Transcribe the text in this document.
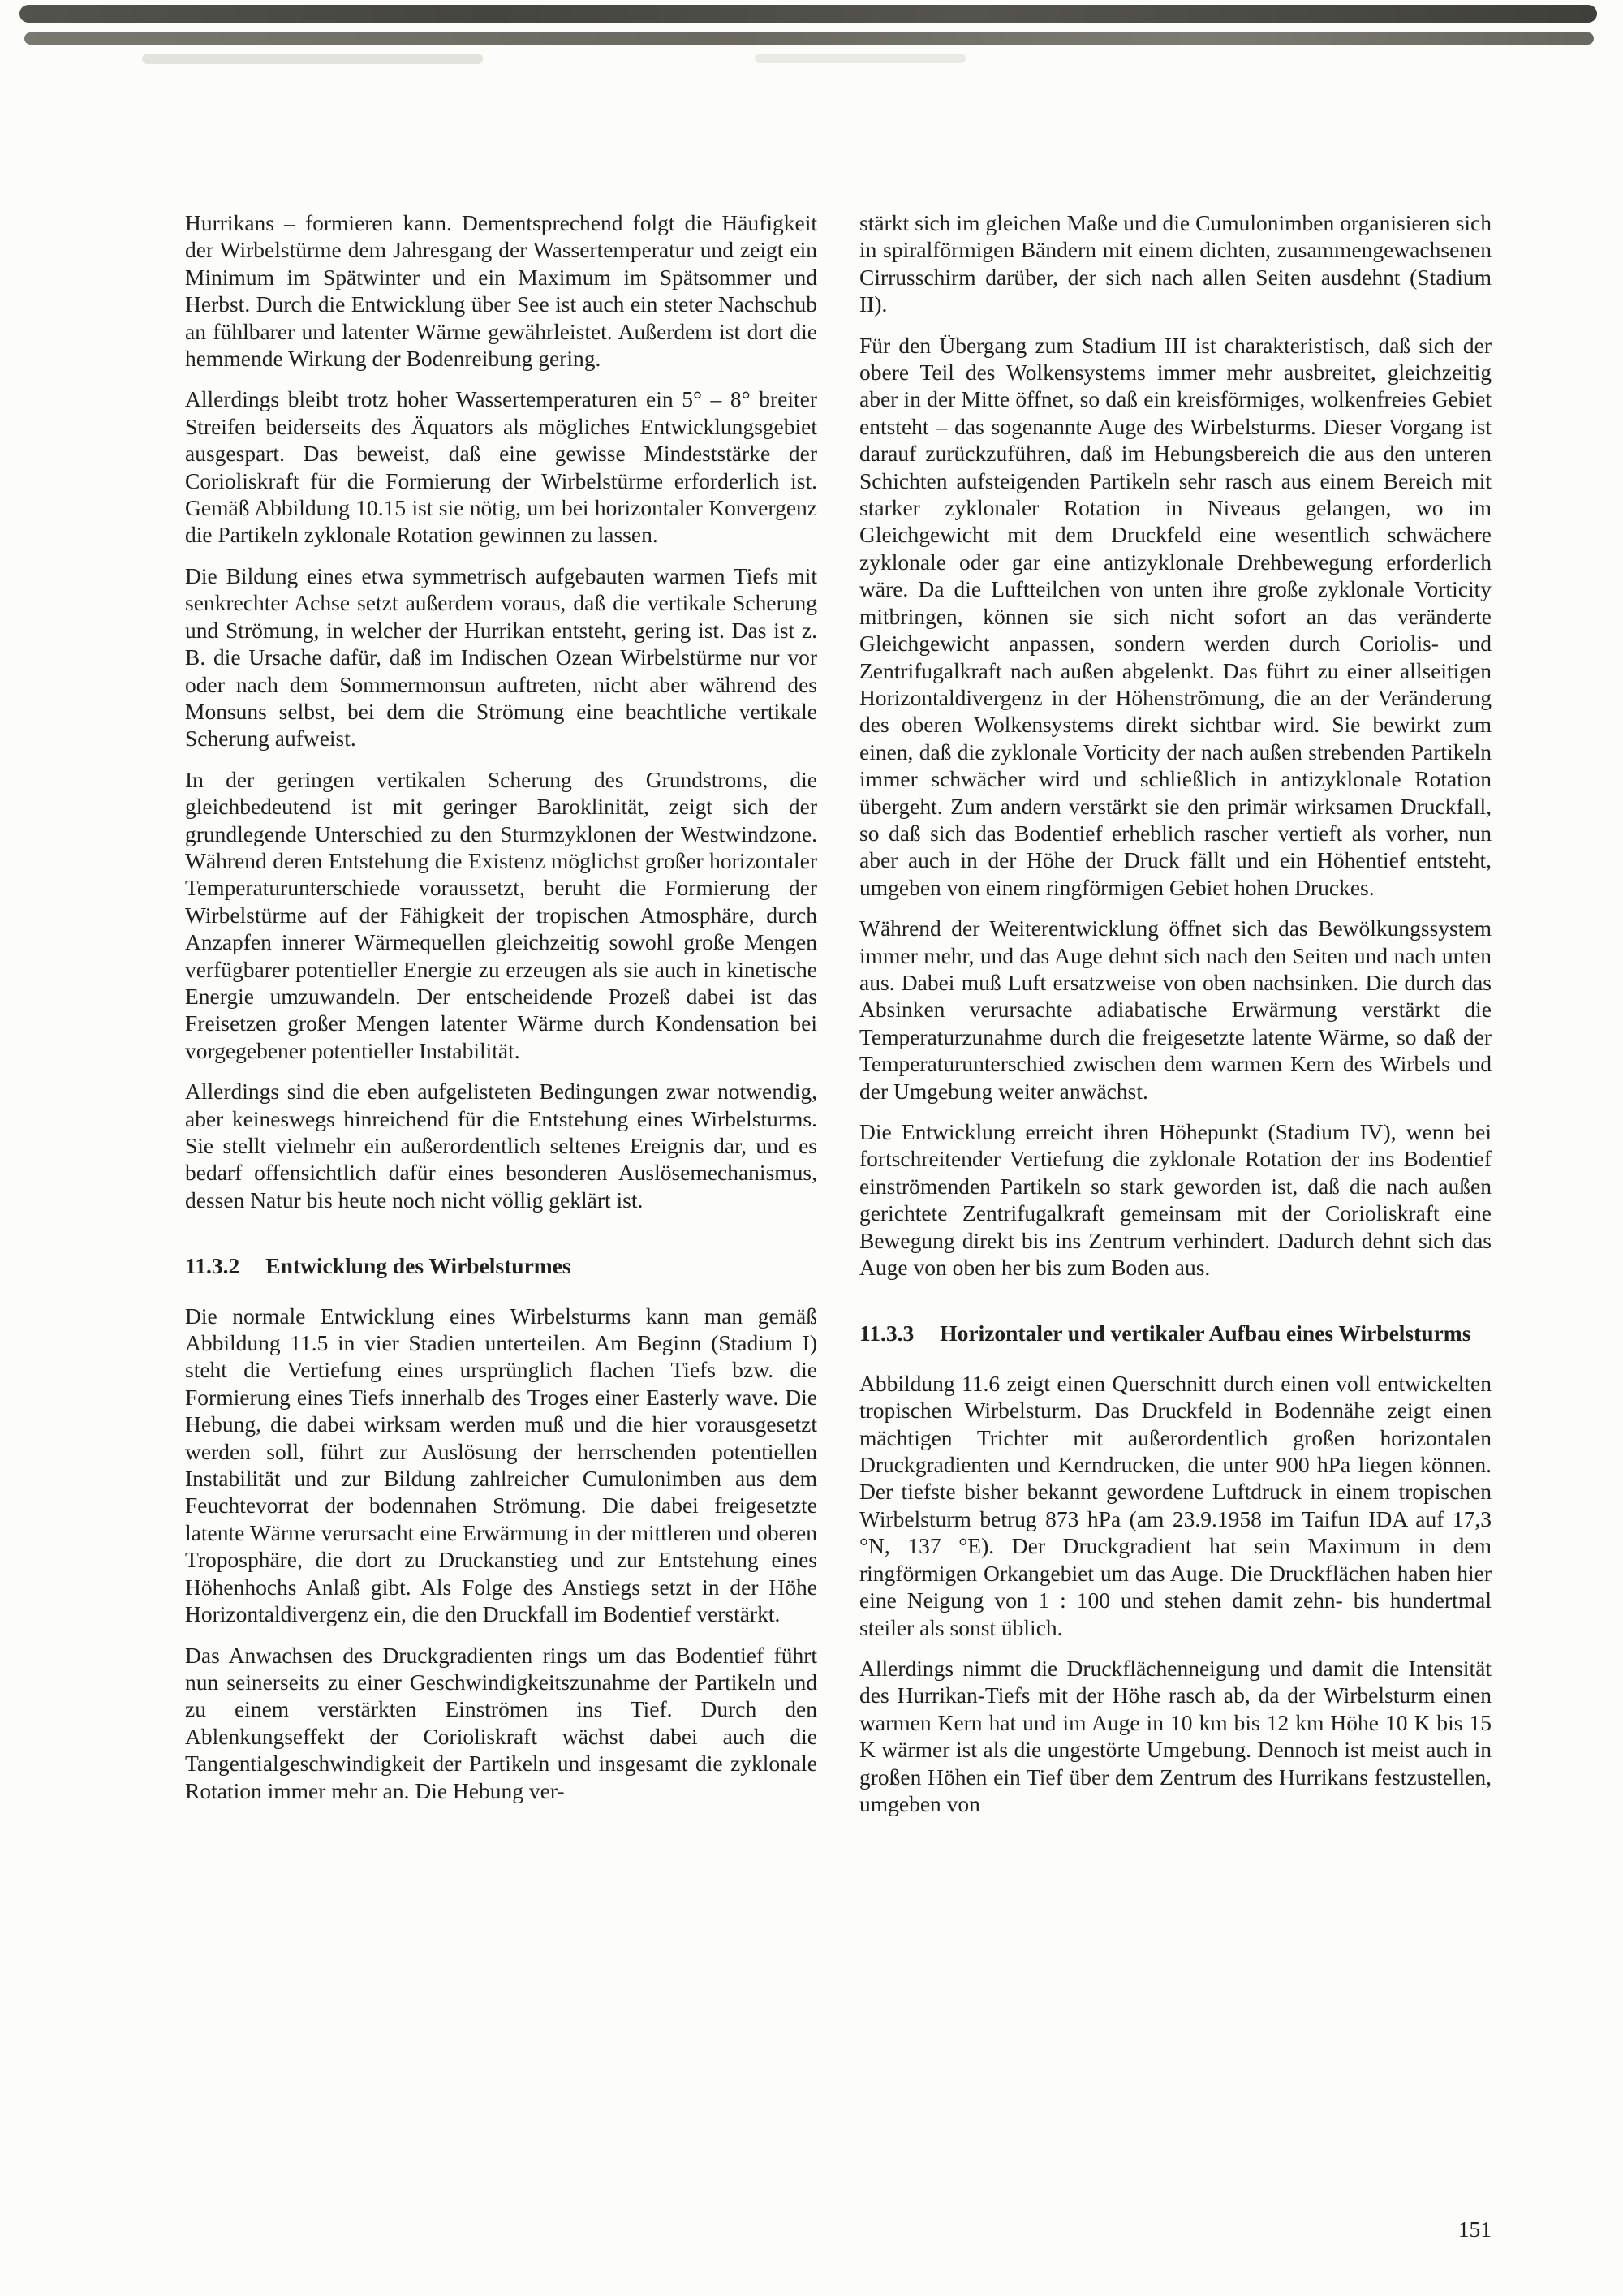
Hurrikans – formieren kann. Dementsprechend folgt die Häufigkeit der Wirbelstürme dem Jahresgang der Wassertemperatur und zeigt ein Minimum im Spätwinter und ein Maximum im Spätsommer und Herbst. Durch die Entwicklung über See ist auch ein steter Nachschub an fühlbarer und latenter Wärme gewährleistet. Außerdem ist dort die hemmende Wirkung der Bodenreibung gering.

Allerdings bleibt trotz hoher Wassertemperaturen ein 5° – 8° breiter Streifen beiderseits des Äquators als mögliches Entwicklungsgebiet ausgespart. Das beweist, daß eine gewisse Mindeststärke der Corioliskraft für die Formierung der Wirbelstürme erforderlich ist. Gemäß Abbildung 10.15 ist sie nötig, um bei horizontaler Konvergenz die Partikeln zyklonale Rotation gewinnen zu lassen.

Die Bildung eines etwa symmetrisch aufgebauten warmen Tiefs mit senkrechter Achse setzt außerdem voraus, daß die vertikale Scherung und Strömung, in welcher der Hurrikan entsteht, gering ist. Das ist z. B. die Ursache dafür, daß im Indischen Ozean Wirbelstürme nur vor oder nach dem Sommermonsun auftreten, nicht aber während des Monsuns selbst, bei dem die Strömung eine beachtliche vertikale Scherung aufweist.

In der geringen vertikalen Scherung des Grundstroms, die gleichbedeutend ist mit geringer Baroklinität, zeigt sich der grundlegende Unterschied zu den Sturmzyklonen der Westwindzone. Während deren Entstehung die Existenz möglichst großer horizontaler Temperaturunterschiede voraussetzt, beruht die Formierung der Wirbelstürme auf der Fähigkeit der tropischen Atmosphäre, durch Anzapfen innerer Wärmequellen gleichzeitig sowohl große Mengen verfügbarer potentieller Energie zu erzeugen als sie auch in kinetische Energie umzuwandeln. Der entscheidende Prozeß dabei ist das Freisetzen großer Mengen latenter Wärme durch Kondensation bei vorgegebener potentieller Instabilität.

Allerdings sind die eben aufgelisteten Bedingungen zwar notwendig, aber keineswegs hinreichend für die Entstehung eines Wirbelsturms. Sie stellt vielmehr ein außerordentlich seltenes Ereignis dar, und es bedarf offensichtlich dafür eines besonderen Auslösemechanismus, dessen Natur bis heute noch nicht völlig geklärt ist.

11.3.2 Entwicklung des Wirbelsturmes

Die normale Entwicklung eines Wirbelsturms kann man gemäß Abbildung 11.5 in vier Stadien unterteilen. Am Beginn (Stadium I) steht die Vertiefung eines ursprünglich flachen Tiefs bzw. die Formierung eines Tiefs innerhalb des Troges einer Easterly wave. Die Hebung, die dabei wirksam werden muß und die hier vorausgesetzt werden soll, führt zur Auslösung der herrschenden potentiellen Instabilität und zur Bildung zahlreicher Cumulonimben aus dem Feuchtevorrat der bodennahen Strömung. Die dabei freigesetzte latente Wärme verursacht eine Erwärmung in der mittleren und oberen Troposphäre, die dort zu Druckanstieg und zur Entstehung eines Höhenhochs Anlaß gibt. Als Folge des Anstiegs setzt in der Höhe Horizontaldivergenz ein, die den Druckfall im Bodentief verstärkt.

Das Anwachsen des Druckgradienten rings um das Bodentief führt nun seinerseits zu einer Geschwindigkeitszunahme der Partikeln und zu einem verstärkten Einströmen ins Tief. Durch den Ablenkungseffekt der Corioliskraft wächst dabei auch die Tangentialgeschwindigkeit der Partikeln und insgesamt die zyklonale Rotation immer mehr an. Die Hebung ver-

stärkt sich im gleichen Maße und die Cumulonimben organisieren sich in spiralförmigen Bändern mit einem dichten, zusammengewachsenen Cirrusschirm darüber, der sich nach allen Seiten ausdehnt (Stadium II).

Für den Übergang zum Stadium III ist charakteristisch, daß sich der obere Teil des Wolkensystems immer mehr ausbreitet, gleichzeitig aber in der Mitte öffnet, so daß ein kreisförmiges, wolkenfreies Gebiet entsteht – das sogenannte Auge des Wirbelsturms. Dieser Vorgang ist darauf zurückzuführen, daß im Hebungsbereich die aus den unteren Schichten aufsteigenden Partikeln sehr rasch aus einem Bereich mit starker zyklonaler Rotation in Niveaus gelangen, wo im Gleichgewicht mit dem Druckfeld eine wesentlich schwächere zyklonale oder gar eine antizyklonale Drehbewegung erforderlich wäre. Da die Luftteilchen von unten ihre große zyklonale Vorticity mitbringen, können sie sich nicht sofort an das veränderte Gleichgewicht anpassen, sondern werden durch Coriolis- und Zentrifugalkraft nach außen abgelenkt. Das führt zu einer allseitigen Horizontaldivergenz in der Höhenströmung, die an der Veränderung des oberen Wolkensystems direkt sichtbar wird. Sie bewirkt zum einen, daß die zyklonale Vorticity der nach außen strebenden Partikeln immer schwächer wird und schließlich in antizyklonale Rotation übergeht. Zum andern verstärkt sie den primär wirksamen Druckfall, so daß sich das Bodentief erheblich rascher vertieft als vorher, nun aber auch in der Höhe der Druck fällt und ein Höhentief entsteht, umgeben von einem ringförmigen Gebiet hohen Druckes.

Während der Weiterentwicklung öffnet sich das Bewölkungssystem immer mehr, und das Auge dehnt sich nach den Seiten und nach unten aus. Dabei muß Luft ersatzweise von oben nachsinken. Die durch das Absinken verursachte adiabatische Erwärmung verstärkt die Temperaturzunahme durch die freigesetzte latente Wärme, so daß der Temperaturunterschied zwischen dem warmen Kern des Wirbels und der Umgebung weiter anwächst.

Die Entwicklung erreicht ihren Höhepunkt (Stadium IV), wenn bei fortschreitender Vertiefung die zyklonale Rotation der ins Bodentief einströmenden Partikeln so stark geworden ist, daß die nach außen gerichtete Zentrifugalkraft gemeinsam mit der Corioliskraft eine Bewegung direkt bis ins Zentrum verhindert. Dadurch dehnt sich das Auge von oben her bis zum Boden aus.

11.3.3 Horizontaler und vertikaler Aufbau eines Wirbelsturms

Abbildung 11.6 zeigt einen Querschnitt durch einen voll entwickelten tropischen Wirbelsturm. Das Druckfeld in Bodennähe zeigt einen mächtigen Trichter mit außerordentlich großen horizontalen Druckgradienten und Kerndrucken, die unter 900 hPa liegen können. Der tiefste bisher bekannt gewordene Luftdruck in einem tropischen Wirbelsturm betrug 873 hPa (am 23.9.1958 im Taifun IDA auf 17,3 °N, 137 °E). Der Druckgradient hat sein Maximum in dem ringförmigen Orkangebiet um das Auge. Die Druckflächen haben hier eine Neigung von 1 : 100 und stehen damit zehn- bis hundertmal steiler als sonst üblich.

Allerdings nimmt die Druckflächenneigung und damit die Intensität des Hurrikan-Tiefs mit der Höhe rasch ab, da der Wirbelsturm einen warmen Kern hat und im Auge in 10 km bis 12 km Höhe 10 K bis 15 K wärmer ist als die ungestörte Umgebung. Dennoch ist meist auch in großen Höhen ein Tief über dem Zentrum des Hurrikans festzustellen, umgeben von

151
